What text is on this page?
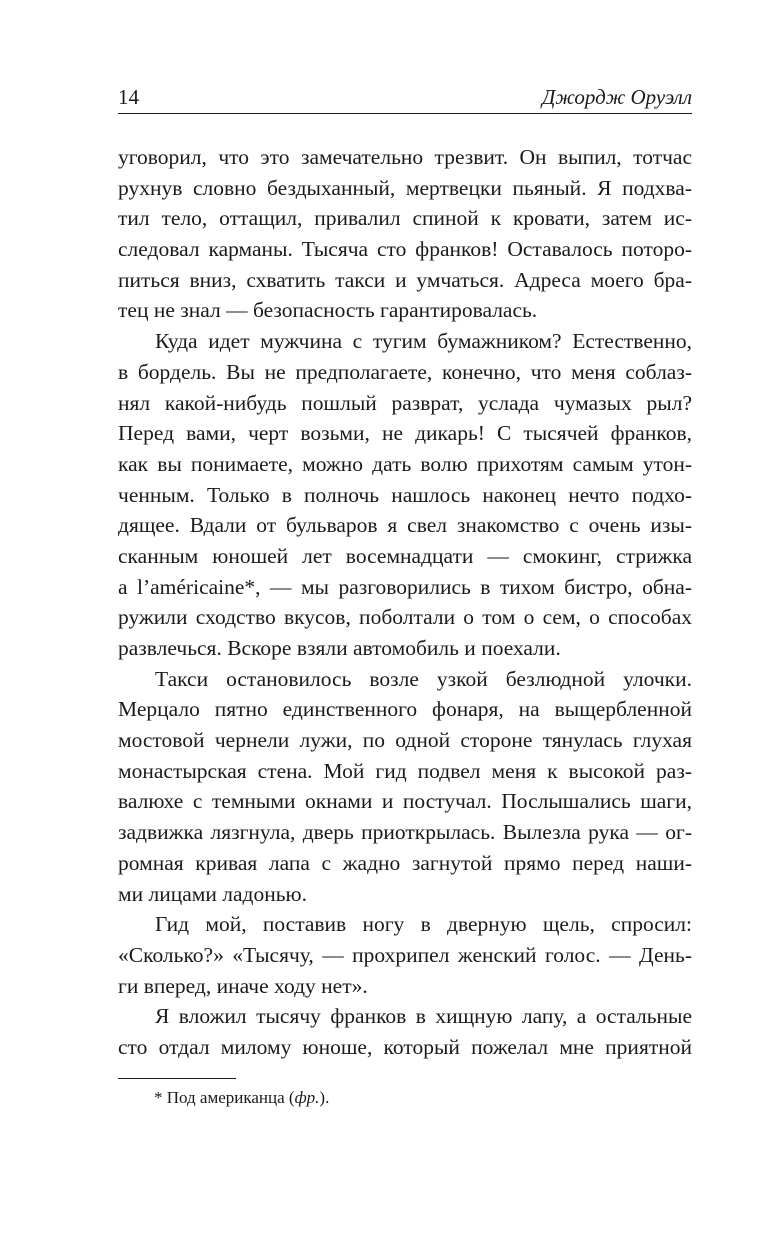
14	Джордж Оруэлл
уговорил, что это замечательно трезвит. Он выпил, тотчас
рухнув словно бездыханный, мертвецки пьяный. Я подхва-
тил тело, оттащил, привалил спиной к кровати, затем ис-
следовал карманы. Тысяча сто франков! Оставалось поторо-
питься вниз, схватить такси и умчаться. Адреса моего бра-
тец не знал — безопасность гарантировалась.
Куда идет мужчина с тугим бумажником? Естественно,
в бордель. Вы не предполагаете, конечно, что меня соблаз-
нял какой-нибудь пошлый разврат, услада чумазых рыл?
Перед вами, черт возьми, не дикарь! С тысячей франков,
как вы понимаете, можно дать волю прихотям самым утон-
ченным. Только в полночь нашлось наконец нечто подхо-
дящее. Вдали от бульваров я свел знакомство с очень изы-
сканным юношей лет восемнадцати — смокинг, стрижка
a l’américaine*, — мы разговорились в тихом бистро, обна-
ружили сходство вкусов, поболтали о том о сем, о способах
развлечься. Вскоре взяли автомобиль и поехали.
Такси остановилось возле узкой безлюдной улочки.
Мерцало пятно единственного фонаря, на выщербленной
мостовой чернели лужи, по одной стороне тянулась глухая
монастырская стена. Мой гид подвел меня к высокой раз-
валюхе с темными окнами и постучал. Послышались шаги,
задвижка лязгнула, дверь приоткрылась. Вылезла рука — ог-
ромная кривая лапа с жадно загнутой прямо перед наши-
ми лицами ладонью.
Гид мой, поставив ногу в дверную щель, спросил:
«Сколько?» «Тысячу, — прохрипел женский голос. — День-
ги вперед, иначе ходу нет».
Я вложил тысячу франков в хищную лапу, а остальные
сто отдал милому юноше, который пожелал мне приятной
* Под американца (фр.).
